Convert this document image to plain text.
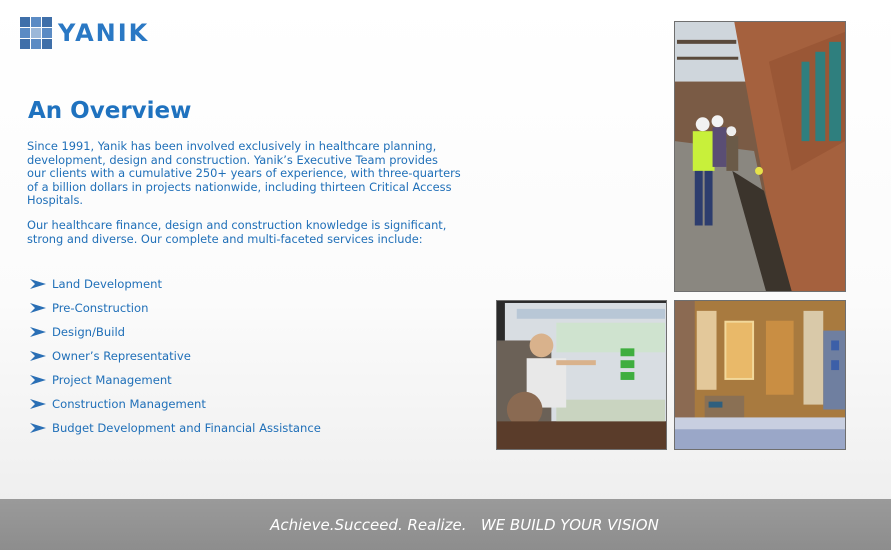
YANIK
An Overview

Since 1991, Yanik has been involved exclusively in healthcare planning,
development, design and construction. Yanik’s Executive Team provides
our clients with a cumulative 250+ years of experience, with three-quarters
of a billion dollars in projects nationwide, including thirteen Critical Access Hospitals.

Our healthcare finance, design and construction knowledge is significant,
strong and diverse. Our complete and multi-faceted services include:

Land Development
Pre-Construction
Design/Build
Owner’s Representative
Project Management
Construction Management
Budget Development and Financial Assistance
Achieve.Succeed. Realize.   WE BUILD YOUR VISION
